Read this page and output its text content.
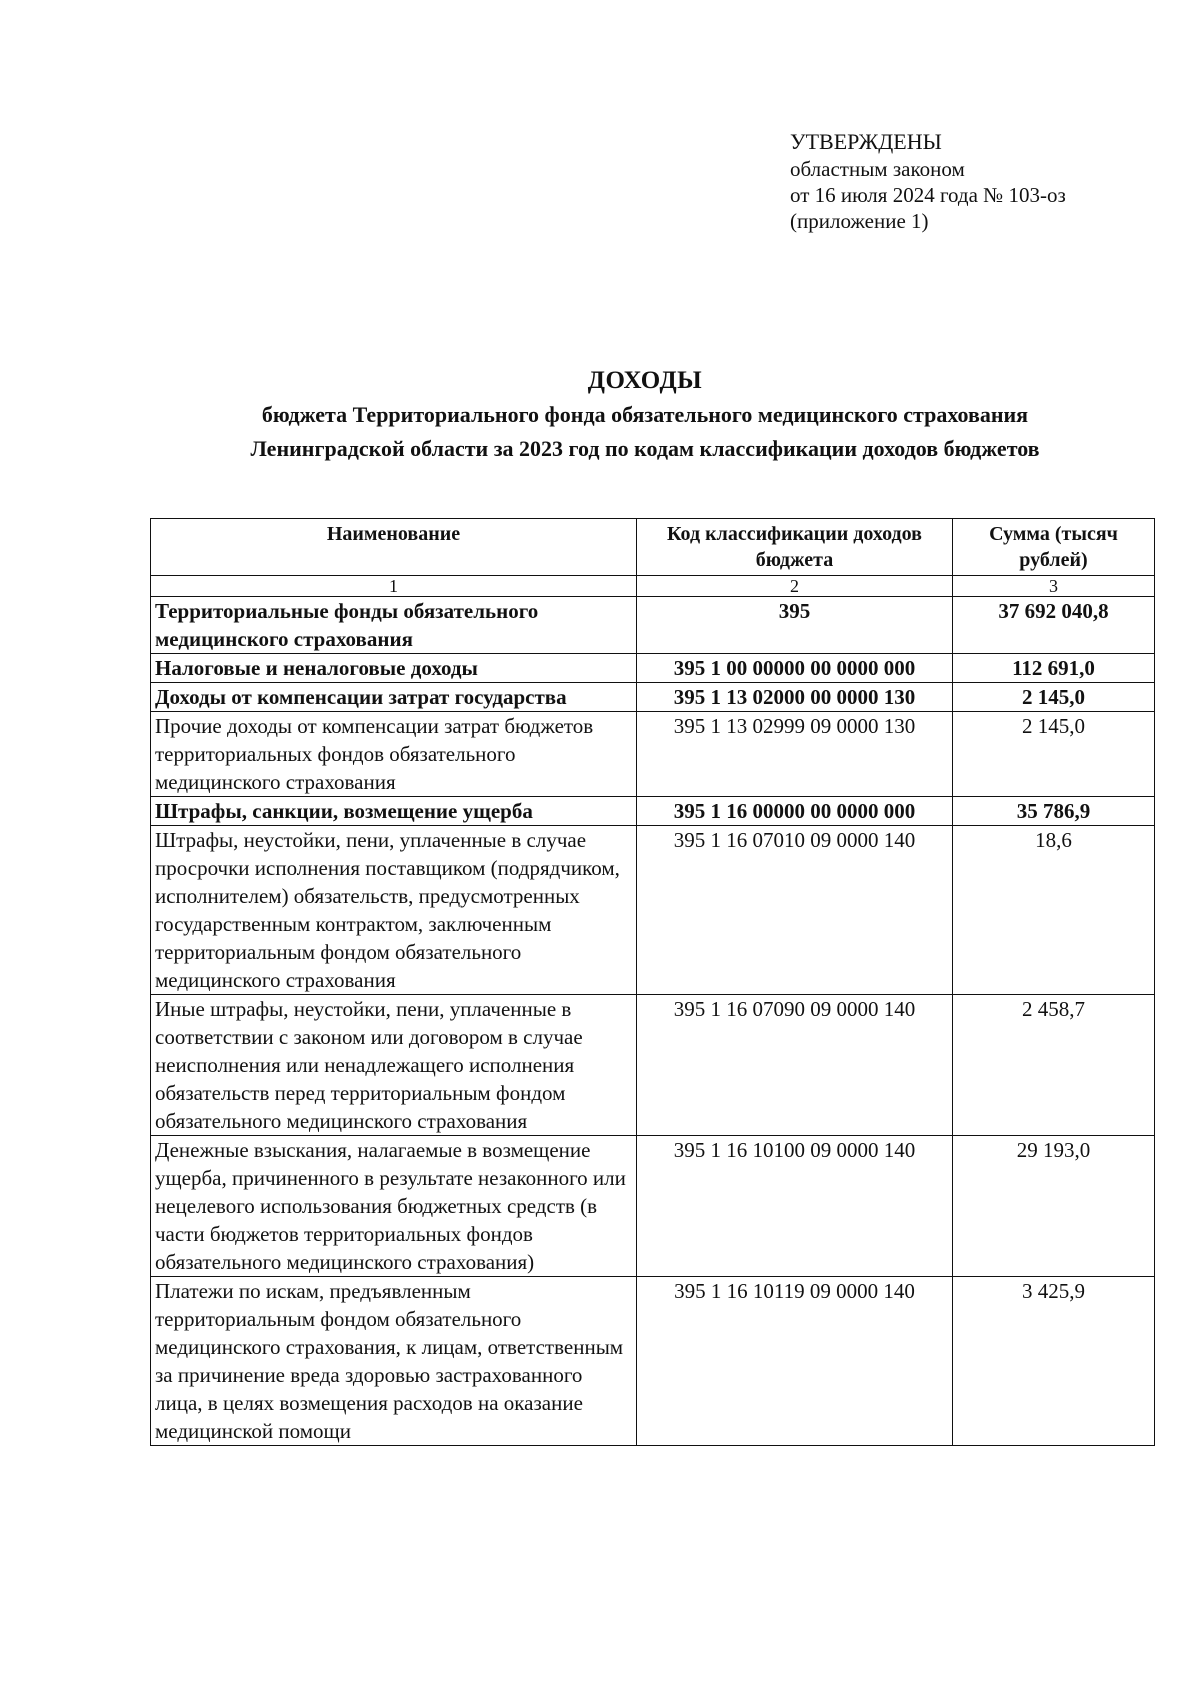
УТВЕРЖДЕНЫ
областным законом
от 16 июля 2024 года № 103-оз
(приложение 1)
ДОХОДЫ
бюджета Территориального фонда обязательного медицинского страхования
Ленинградской области за 2023 год по кодам классификации доходов бюджетов
Наименование	Код классификации доходов бюджета	Сумма (тысяч рублей)
1	2	3
Территориальные фонды обязательного медицинского страхования	395	37 692 040,8
Налоговые и неналоговые доходы	395 1 00 00000 00 0000 000	112 691,0
Доходы от компенсации затрат государства	395 1 13 02000 00 0000 130	2 145,0
Прочие доходы от компенсации затрат бюджетов территориальных фондов обязательного медицинского страхования	395 1 13 02999 09 0000 130	2 145,0
Штрафы, санкции, возмещение ущерба	395 1 16 00000 00 0000 000	35 786,9
Штрафы, неустойки, пени, уплаченные в случае просрочки исполнения поставщиком (подрядчиком, исполнителем) обязательств, предусмотренных государственным контрактом, заключенным территориальным фондом обязательного медицинского страхования	395 1 16 07010 09 0000 140	18,6
Иные штрафы, неустойки, пени, уплаченные в соответствии с законом или договором в случае неисполнения или ненадлежащего исполнения обязательств перед территориальным фондом обязательного медицинского страхования	395 1 16 07090 09 0000 140	2 458,7
Денежные взыскания, налагаемые в возмещение ущерба, причиненного в результате незаконного или нецелевого использования бюджетных средств (в части бюджетов территориальных фондов обязательного медицинского страхования)	395 1 16 10100 09 0000 140	29 193,0
Платежи по искам, предъявленным территориальным фондом обязательного медицинского страхования, к лицам, ответственным за причинение вреда здоровью застрахованного лица, в целях возмещения расходов на оказание медицинской помощи	395 1 16 10119 09 0000 140	3 425,9
